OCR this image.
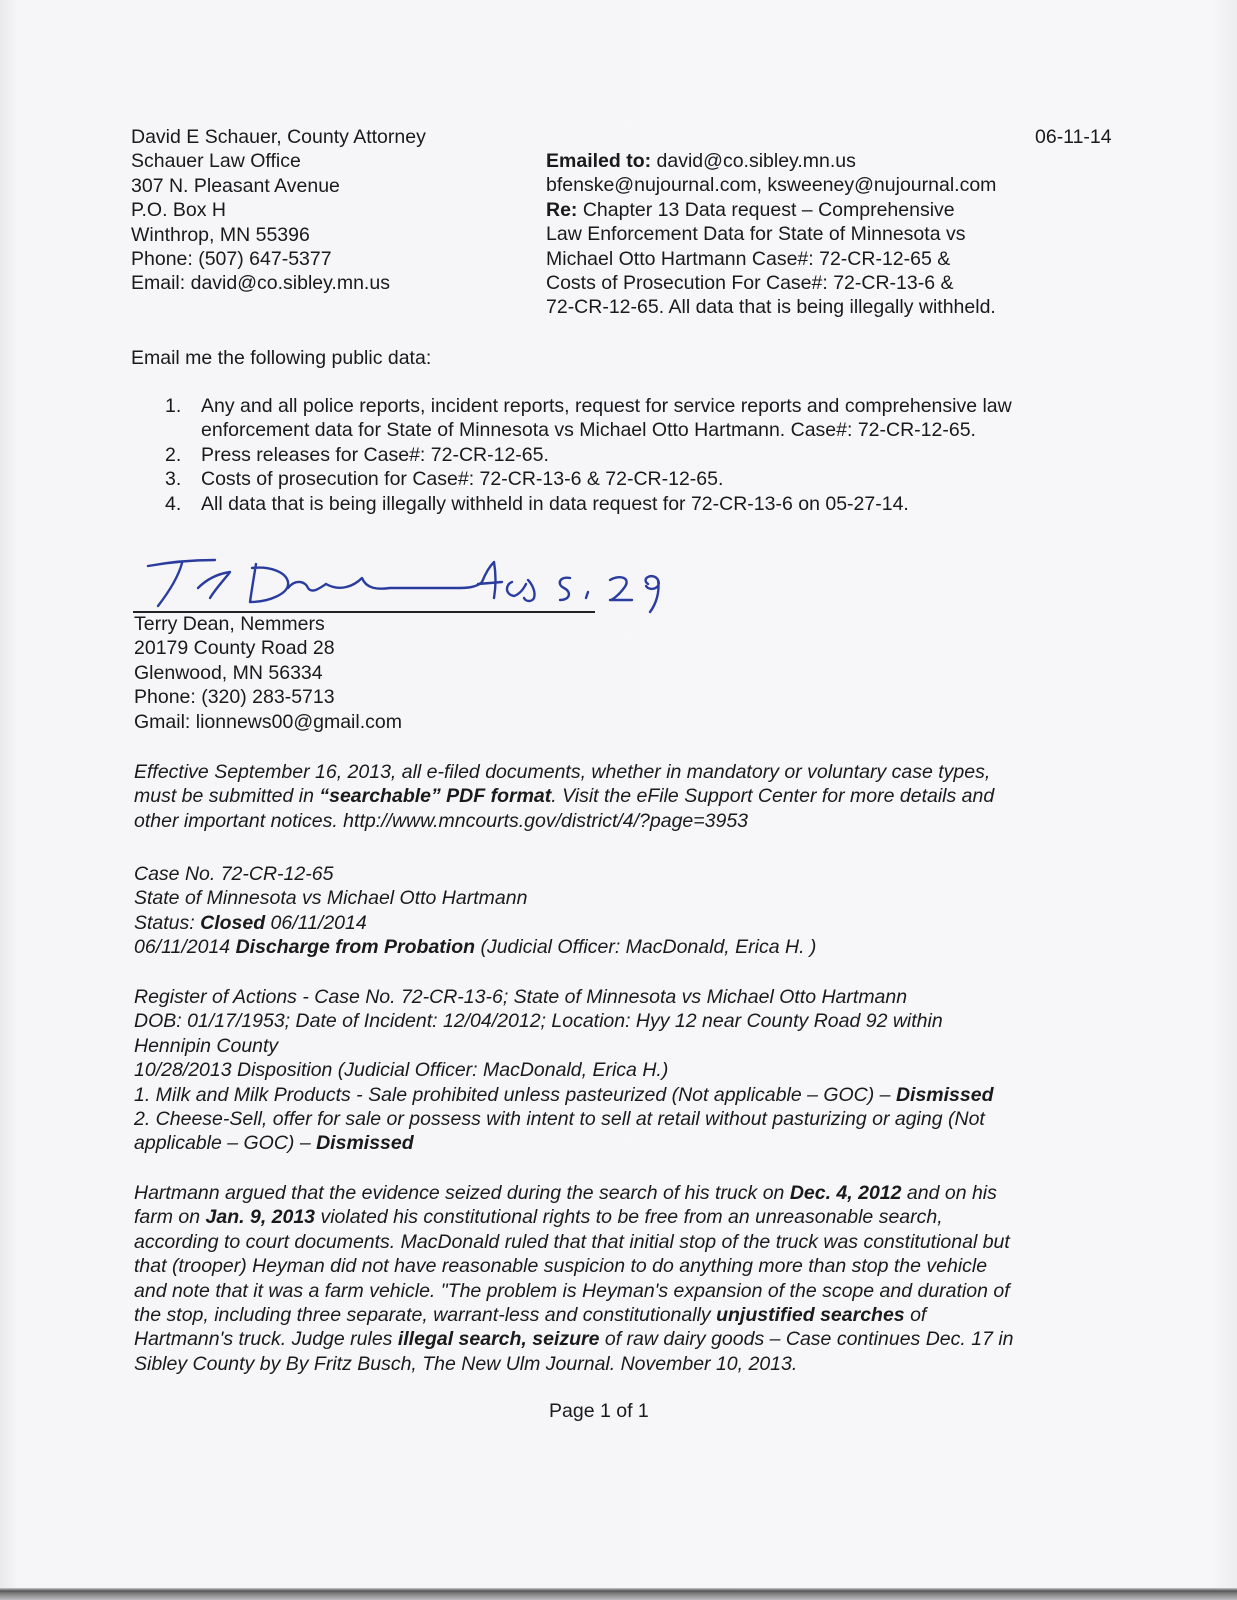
David E Schauer, County Attorney
Schauer Law Office
307 N. Pleasant Avenue
P.O. Box H
Winthrop, MN 55396
Phone: (507) 647-5377
Email: david@co.sibley.mn.us
06-11-14
Emailed to: david@co.sibley.mn.us
bfenske@nujournal.com, ksweeney@nujournal.com
Re: Chapter 13 Data request – Comprehensive
Law Enforcement Data for State of Minnesota vs
Michael Otto Hartmann Case#: 72-CR-12-65 &
Costs of Prosecution For Case#: 72-CR-13-6 &
72-CR-12-65. All data that is being illegally withheld.
Email me the following public data:
1.	Any and all police reports, incident reports, request for service reports and comprehensive law
enforcement data for State of Minnesota vs Michael Otto Hartmann. Case#: 72-CR-12-65.
2.	Press releases for Case#: 72-CR-12-65.
3.	Costs of prosecution for Case#: 72-CR-13-6 & 72-CR-12-65.
4.	All data that is being illegally withheld in data request for 72-CR-13-6 on 05-27-14.
Terry Dean, Nemmers
20179 County Road 28
Glenwood, MN 56334
Phone: (320) 283-5713
Gmail: lionnews00@gmail.com
Effective September 16, 2013, all e-filed documents, whether in mandatory or voluntary case types,
must be submitted in “searchable” PDF format. Visit the eFile Support Center for more details and
other important notices. http://www.mncourts.gov/district/4/?page=3953
Case No. 72-CR-12-65
State of Minnesota vs Michael Otto Hartmann
Status: Closed 06/11/2014
06/11/2014 Discharge from Probation (Judicial Officer: MacDonald, Erica H. )
Register of Actions - Case No. 72-CR-13-6; State of Minnesota vs Michael Otto Hartmann
DOB: 01/17/1953; Date of Incident: 12/04/2012; Location: Hyy 12 near County Road 92 within
Hennipin County
10/28/2013 Disposition (Judicial Officer: MacDonald, Erica H.)
1. Milk and Milk Products - Sale prohibited unless pasteurized (Not applicable – GOC) – Dismissed
2. Cheese-Sell, offer for sale or possess with intent to sell at retail without pasturizing or aging (Not
applicable – GOC) – Dismissed
Hartmann argued that the evidence seized during the search of his truck on Dec. 4, 2012 and on his
farm on Jan. 9, 2013 violated his constitutional rights to be free from an unreasonable search,
according to court documents. MacDonald ruled that that initial stop of the truck was constitutional but
that (trooper) Heyman did not have reasonable suspicion to do anything more than stop the vehicle
and note that it was a farm vehicle. "The problem is Heyman's expansion of the scope and duration of
the stop, including three separate, warrant-less and constitutionally unjustified searches of
Hartmann's truck. Judge rules illegal search, seizure of raw dairy goods – Case continues Dec. 17 in
Sibley County by By Fritz Busch, The New Ulm Journal. November 10, 2013.
Page 1 of 1
